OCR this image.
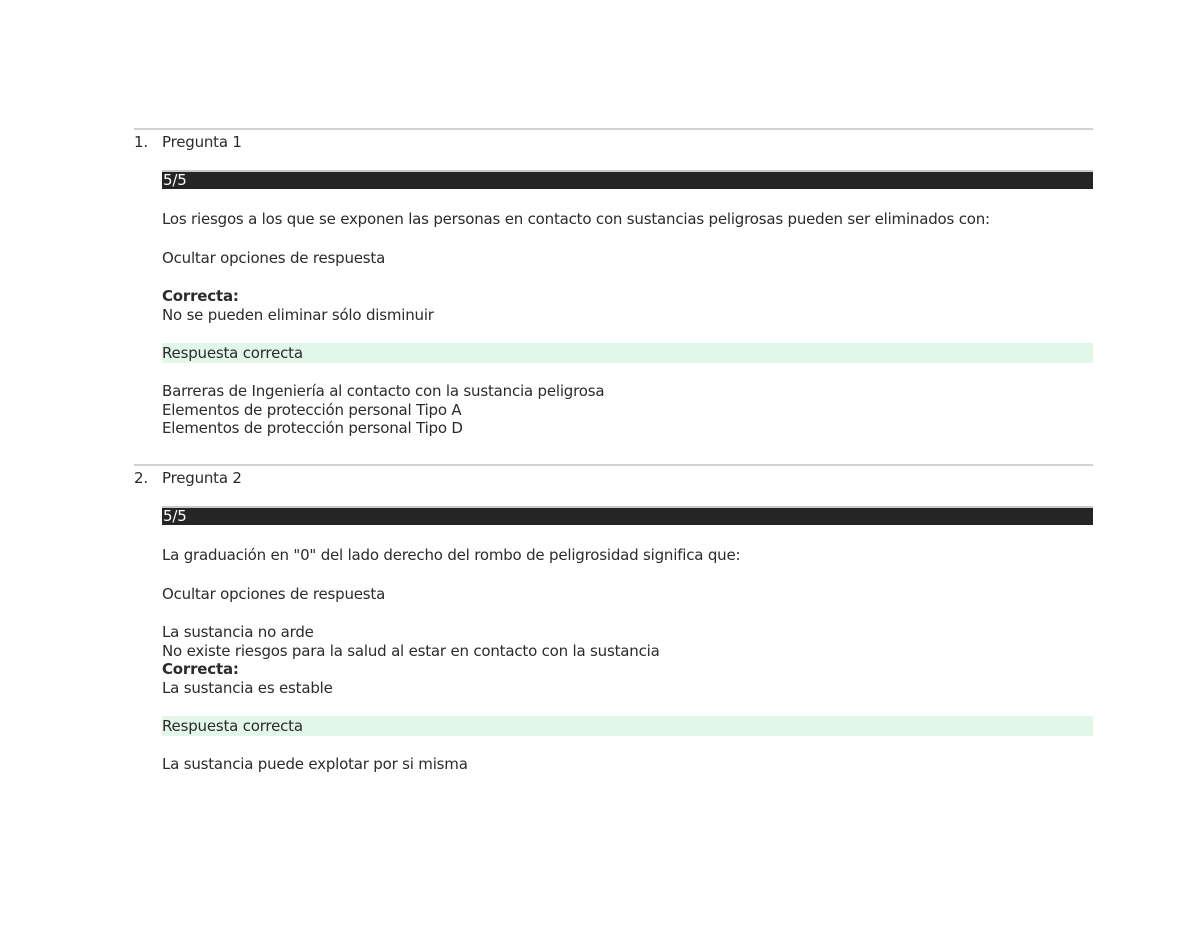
1. Pregunta 1
5/5
Los riesgos a los que se exponen las personas en contacto con sustancias peligrosas pueden ser eliminados con:
Ocultar opciones de respuesta
Correcta:
No se pueden eliminar sólo disminuir
Respuesta correcta
Barreras de Ingeniería al contacto con la sustancia peligrosa
Elementos de protección personal Tipo A
Elementos de protección personal Tipo D
2. Pregunta 2
5/5
La graduación en "0" del lado derecho del rombo de peligrosidad significa que:
Ocultar opciones de respuesta
La sustancia no arde
No existe riesgos para la salud al estar en contacto con la sustancia
Correcta:
La sustancia es estable
Respuesta correcta
La sustancia puede explotar por si misma
